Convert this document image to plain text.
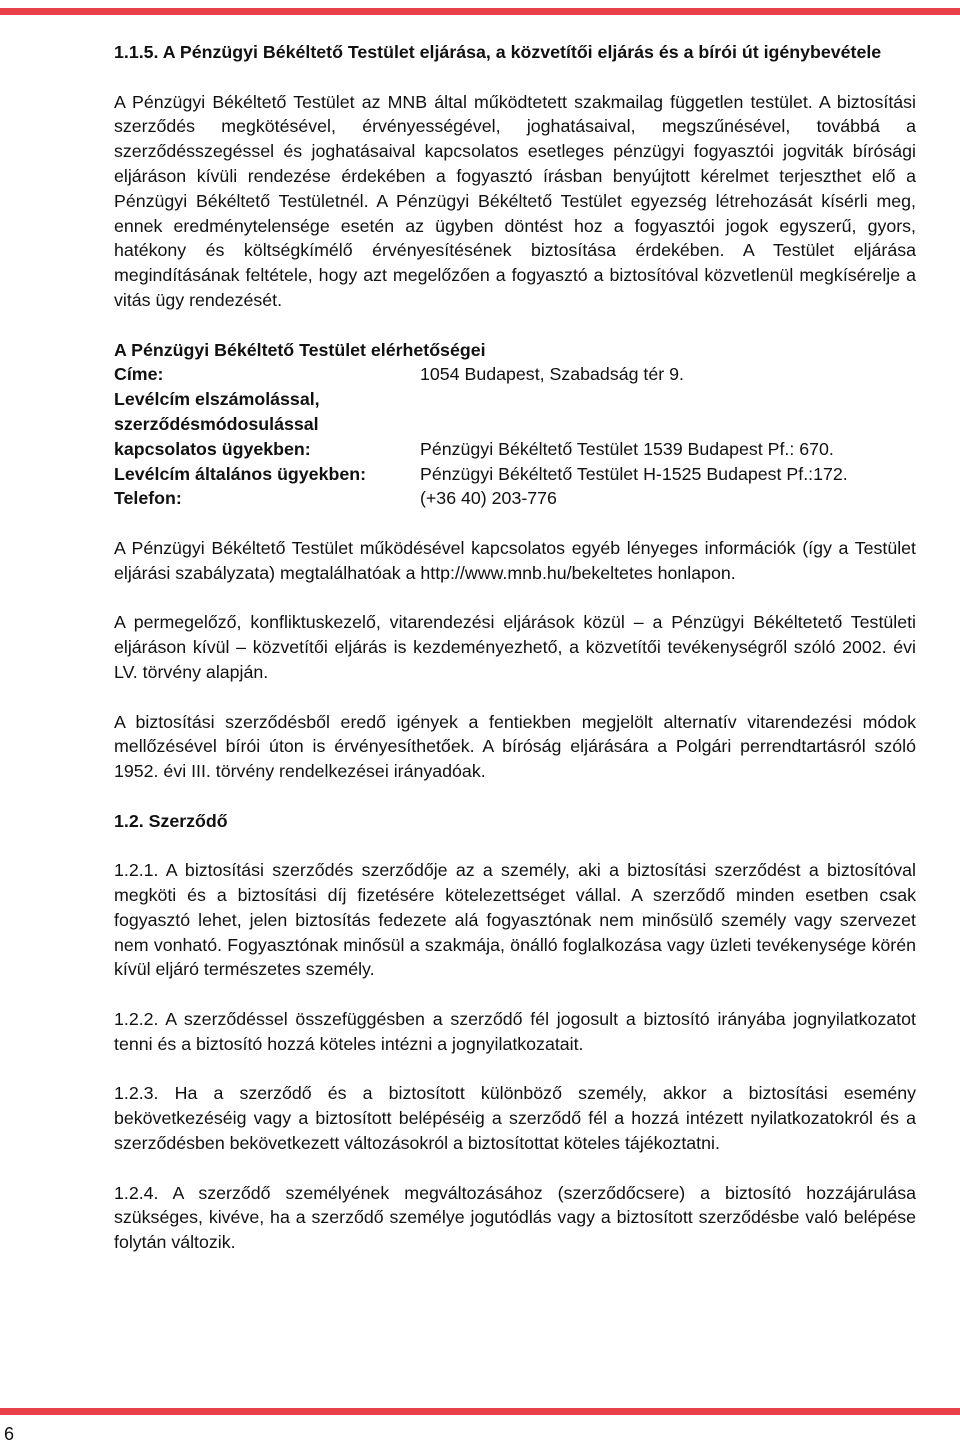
1.1.5. A Pénzügyi Békéltető Testület eljárása, a közvetítői eljárás és a bírói út igénybevétele

A Pénzügyi Békéltető Testület az MNB által működtetett szakmailag független testület. A biztosítási szerződés megkötésével, érvényességével, joghatásaival, megszűnésével, továbbá a szerződésszegéssel és joghatásaival kapcsolatos esetleges pénzügyi fogyasztói jogviták bírósági eljáráson kívüli rendezése érdekében a fogyasztó írásban benyújtott kérelmet terjeszthet elő a Pénzügyi Békéltető Testületnél. A Pénzügyi Békéltető Testület egyezség létrehozását kísérli meg, ennek eredménytelensége esetén az ügyben döntést hoz a fogyasztói jogok egyszerű, gyors, hatékony és költségkímélő érvényesítésének biztosítása érdekében. A Testület eljárása megindításának feltétele, hogy azt megelőzően a fogyasztó a biztosítóval közvetlenül megkísérelje a vitás ügy rendezését.

A Pénzügyi Békéltető Testület elérhetőségei

Címe:	1054 Budapest, Szabadság tér 9.
Levélcím elszámolással,
szerződésmódosulással
kapcsolatos ügyekben:	Pénzügyi Békéltető Testület 1539 Budapest Pf.: 670.
Levélcím általános ügyekben:	Pénzügyi Békéltető Testület H-1525 Budapest Pf.:172.
Telefon:	(+36 40) 203-776

A Pénzügyi Békéltető Testület működésével kapcsolatos egyéb lényeges információk (így a Testület eljárási szabályzata) megtalálhatóak a http://www.mnb.hu/bekeltetes honlapon.

A permegelőző, konfliktuskezelő, vitarendezési eljárások közül – a Pénzügyi Békéltetető Testületi eljáráson kívül – közvetítői eljárás is kezdeményezhető, a közvetítői tevékenységről szóló 2002. évi LV. törvény alapján.

A biztosítási szerződésből eredő igények a fentiekben megjelölt alternatív vitarendezési módok mellőzésével bírói úton is érvényesíthetőek. A bíróság eljárására a Polgári perrendtartásról szóló 1952. évi III. törvény rendelkezései irányadóak.

1.2. Szerződő

1.2.1. A biztosítási szerződés szerződője az a személy, aki a biztosítási szerződést a biztosítóval megköti és a biztosítási díj fizetésére kötelezettséget vállal. A szerződő minden esetben csak fogyasztó lehet, jelen biztosítás fedezete alá fogyasztónak nem minősülő személy vagy szervezet nem vonható. Fogyasztónak minősül a szakmája, önálló foglalkozása vagy üzleti tevékenysége körén kívül eljáró természetes személy.

1.2.2. A szerződéssel összefüggésben a szerződő fél jogosult a biztosító irányába jognyilatkozatot tenni és a biztosító hozzá köteles intézni a jognyilatkozatait.

1.2.3. Ha a szerződő és a biztosított különböző személy, akkor a biztosítási esemény bekövetkezéséig vagy a biztosított belépéséig a szerződő fél a hozzá intézett nyilatkozatokról és a szerződésben bekövetkezett változásokról a biztosítottat köteles tájékoztatni.

1.2.4. A szerződő személyének megváltozásához (szerződőcsere) a biztosító hozzájárulása szükséges, kivéve, ha a szerződő személye jogutódlás vagy a biztosított szerződésbe való belépése folytán változik.

6
